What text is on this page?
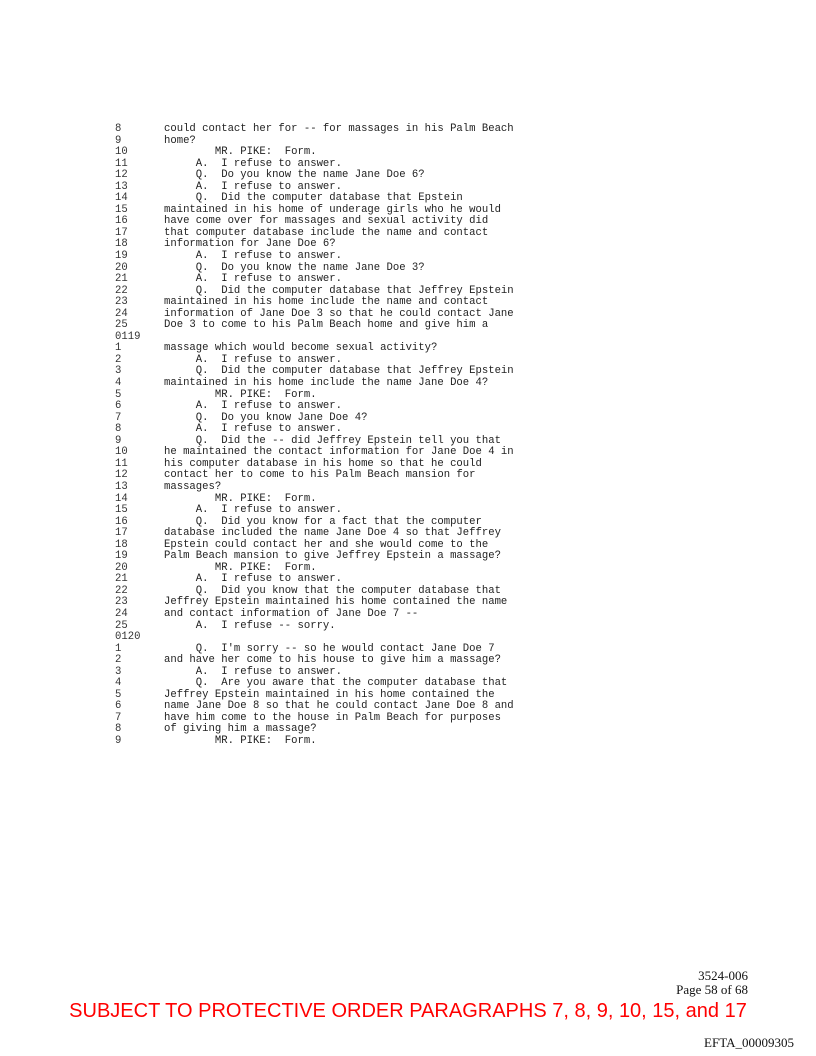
8	could contact her for -- for massages in his Palm Beach
9	home?
10	MR. PIKE:  Form.
11	A.  I refuse to answer.
12	Q.  Do you know the name Jane Doe 6?
13	A.  I refuse to answer.
14	Q.  Did the computer database that Epstein
15	maintained in his home of underage girls who he would
16	have come over for massages and sexual activity did
17	that computer database include the name and contact
18	information for Jane Doe 6?
19	A.  I refuse to answer.
20	Q.  Do you know the name Jane Doe 3?
21	A.  I refuse to answer.
22	Q.  Did the computer database that Jeffrey Epstein
23	maintained in his home include the name and contact
24	information of Jane Doe 3 so that he could contact Jane
25	Doe 3 to come to his Palm Beach home and give him a
0119
1	massage which would become sexual activity?
2	A.  I refuse to answer.
3	Q.  Did the computer database that Jeffrey Epstein
4	maintained in his home include the name Jane Doe 4?
5	MR. PIKE:  Form.
6	A.  I refuse to answer.
7	Q.  Do you know Jane Doe 4?
8	A.  I refuse to answer.
9	Q.  Did the -- did Jeffrey Epstein tell you that
10	he maintained the contact information for Jane Doe 4 in
11	his computer database in his home so that he could
12	contact her to come to his Palm Beach mansion for
13	massages?
14	MR. PIKE:  Form.
15	A.  I refuse to answer.
16	Q.  Did you know for a fact that the computer
17	database included the name Jane Doe 4 so that Jeffrey
18	Epstein could contact her and she would come to the
19	Palm Beach mansion to give Jeffrey Epstein a massage?
20	MR. PIKE:  Form.
21	A.  I refuse to answer.
22	Q.  Did you know that the computer database that
23	Jeffrey Epstein maintained his home contained the name
24	and contact information of Jane Doe 7 --
25	A.  I refuse -- sorry.
0120
1	Q.  I'm sorry -- so he would contact Jane Doe 7
2	and have her come to his house to give him a massage?
3	A.  I refuse to answer.
4	Q.  Are you aware that the computer database that
5	Jeffrey Epstein maintained in his home contained the
6	name Jane Doe 8 so that he could contact Jane Doe 8 and
7	have him come to the house in Palm Beach for purposes
8	of giving him a massage?
9	MR. PIKE:  Form.
3524-006
Page 58 of 68
SUBJECT TO PROTECTIVE ORDER PARAGRAPHS 7, 8, 9, 10, 15, and 17
EFTA_00009305
